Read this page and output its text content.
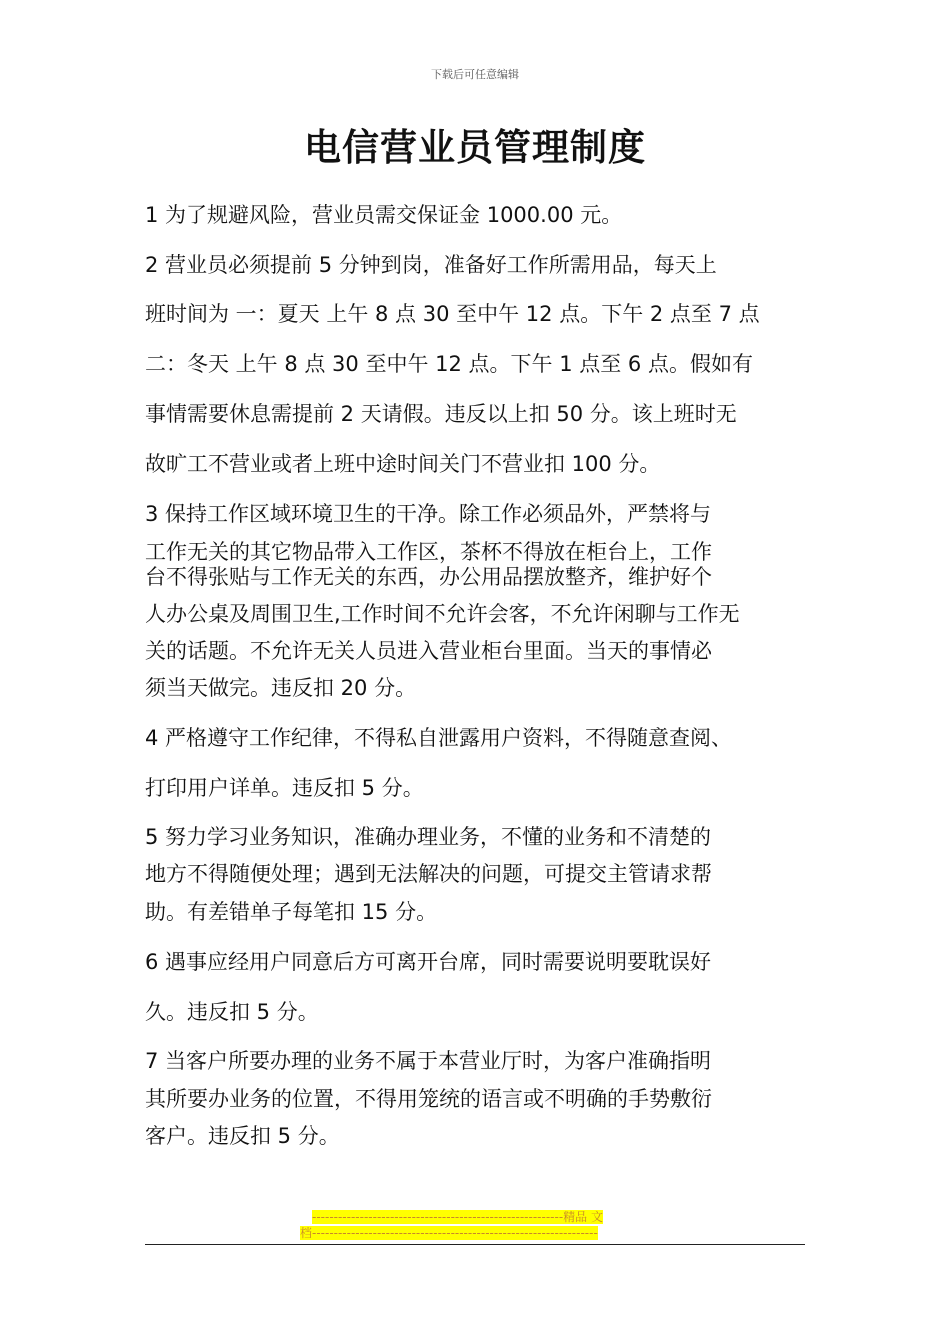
下载后可任意编辑
电信营业员管理制度
1 为了规避风险，营业员需交保证金 1000.00 元。
2 营业员必须提前 5 分钟到岗，准备好工作所需用品，每天上
班时间为 一：夏天 上午 8 点 30 至中午 12 点。下午 2 点至 7 点
二：冬天 上午 8 点 30 至中午 12 点。下午 1 点至 6 点。假如有
事情需要休息需提前 2 天请假。违反以上扣 50 分。该上班时无
故旷工不营业或者上班中途时间关门不营业扣 100 分。
3 保持工作区域环境卫生的干净。除工作必须品外，严禁将与
工作无关的其它物品带入工作区，茶杯不得放在柜台上，工作
台不得张贴与工作无关的东西，办公用品摆放整齐，维护好个
人办公桌及周围卫生,工作时间不允许会客，不允许闲聊与工作无
关的话题。不允许无关人员进入营业柜台里面。当天的事情必
须当天做完。违反扣 20 分。
4 严格遵守工作纪律，不得私自泄露用户资料，不得随意查阅、
打印用户详单。违反扣 5 分。
5 努力学习业务知识，准确办理业务，不懂的业务和不清楚的
地方不得随便处理；遇到无法解决的问题，可提交主管请求帮
助。有差错单子每笔扣 15 分。
6 遇事应经用户同意后方可离开台席，同时需要说明要耽误好
久。违反扣 5 分。
7 当客户所要办理的业务不属于本营业厅时，为客户准确指明
其所要办业务的位置，不得用笼统的语言或不明确的手势敷衍
客户。违反扣 5 分。
----------------------------------------------------------精品 文
档------------------------------------------------------------------
